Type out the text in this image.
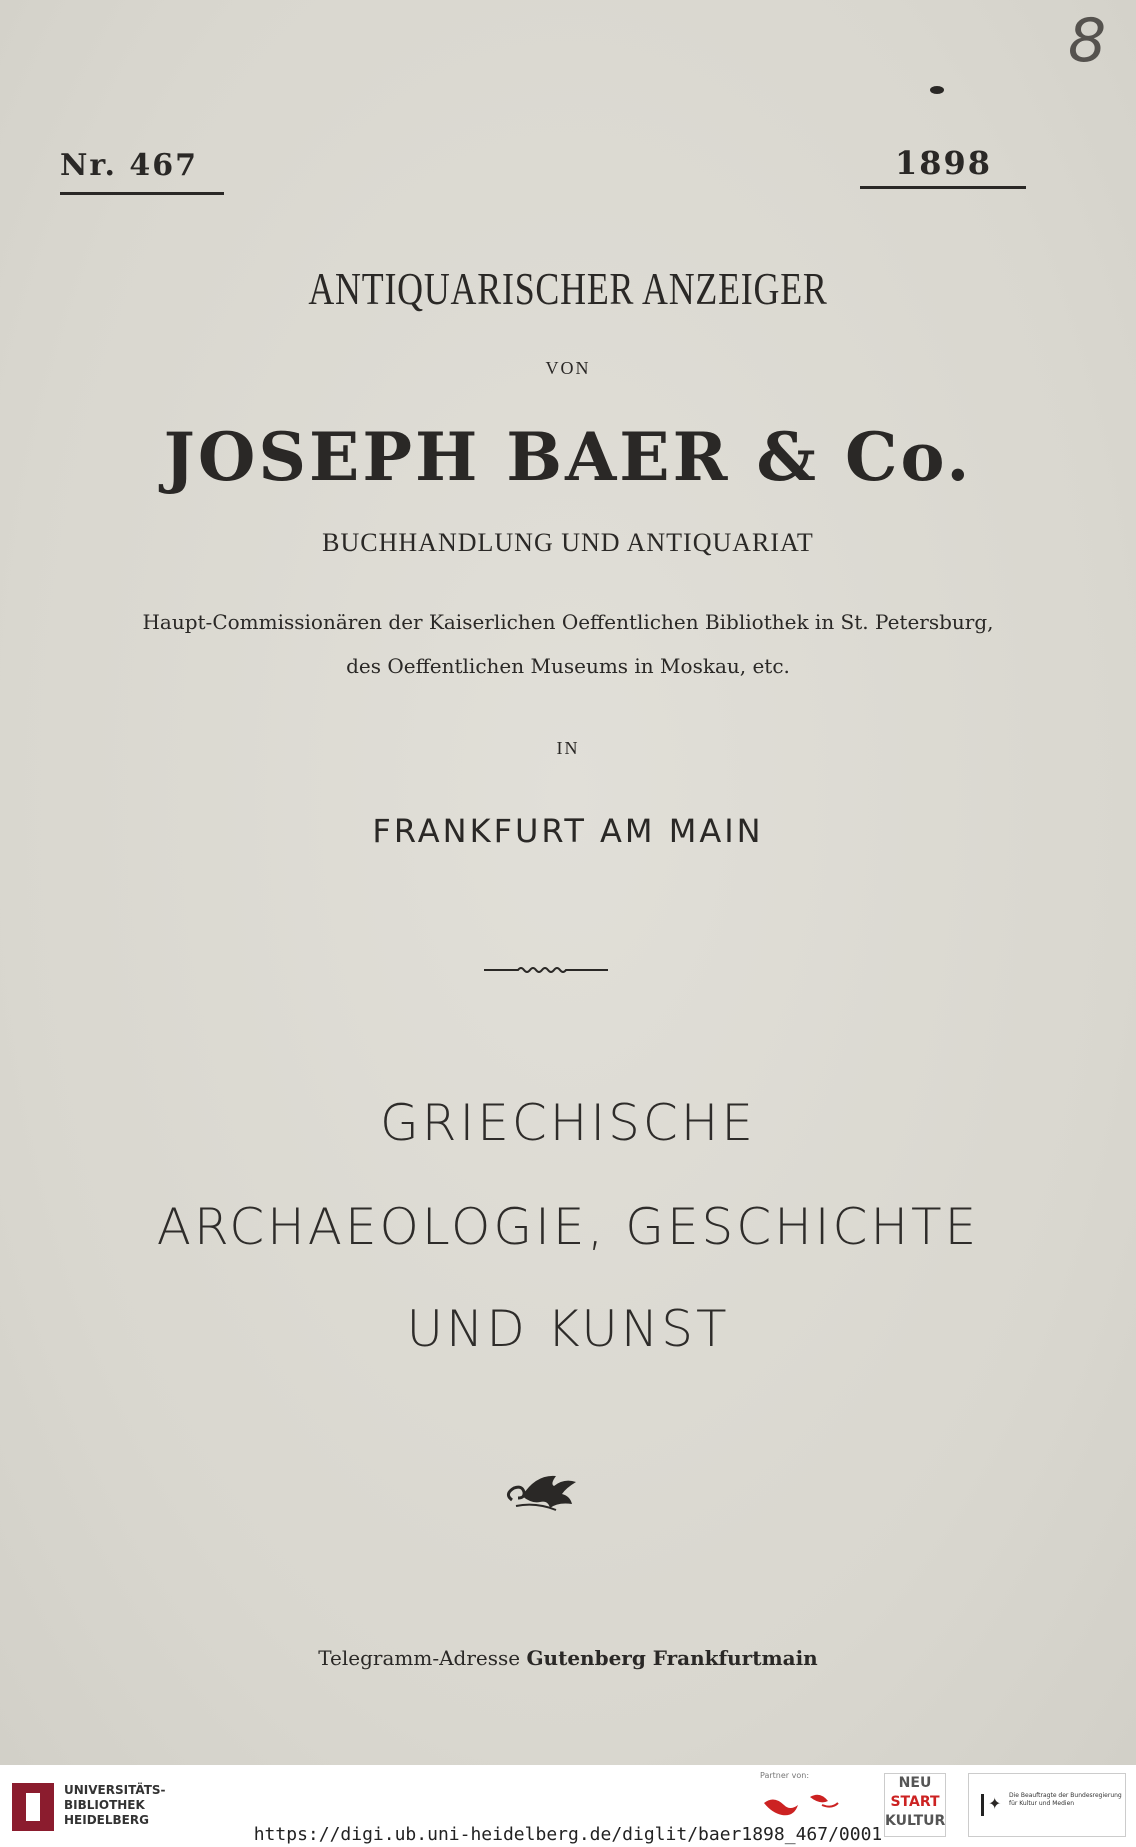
8
Nr. 467	1898
ANTIQUARISCHER ANZEIGER
VON
JOSEPH BAER & Co.
BUCHHANDLUNG UND ANTIQUARIAT
Haupt-Commissionären der Kaiserlichen Oeffentlichen Bibliothek in St. Petersburg,
des Oeffentlichen Museums in Moskau, etc.
IN
FRANKFURT AM MAIN
GRIECHISCHE
ARCHAEOLOGIE, GESCHICHTE
UND KUNST
Telegramm-Adresse Gutenberg Frankfurtmain
UNIVERSITÄTS-
BIBLIOTHEK
HEIDELBERG
Partner von:	NEU
START
KULTUR
✦	Die Beauftragte der Bundesregierung
für Kultur und Medien
https://digi.ub.uni-heidelberg.de/diglit/baer1898_467/0001
